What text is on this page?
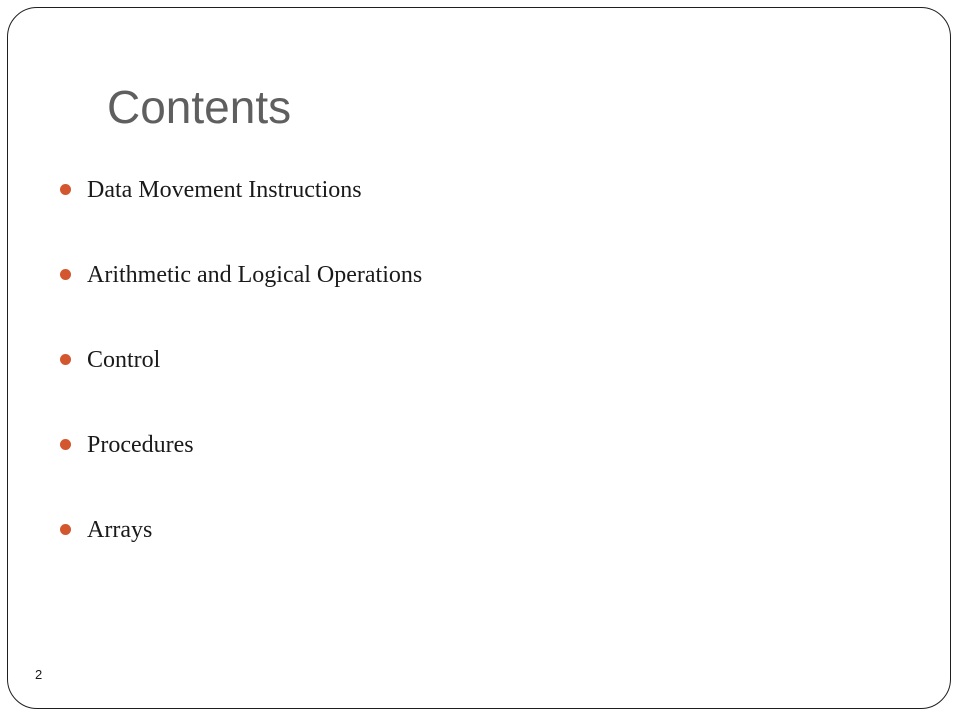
Contents
Data Movement Instructions
Arithmetic and Logical Operations
Control
Procedures
Arrays
2
